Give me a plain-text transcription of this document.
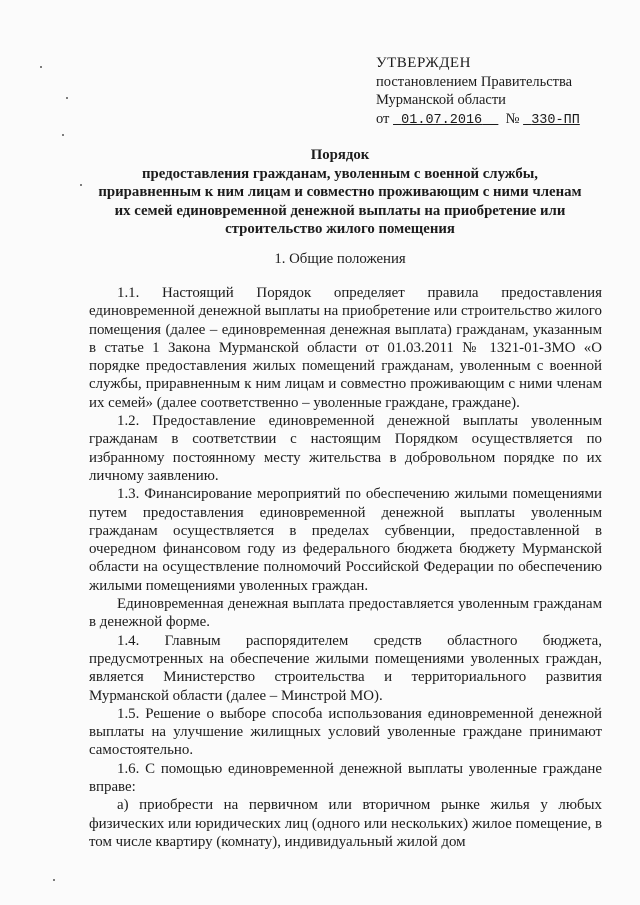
УТВЕРЖДЕН
постановлением Правительства
Мурманской области
от 01.07.2016 № 330-ПП
Порядок
предоставления гражданам, уволенным с военной службы,
приравненным к ним лицам и совместно проживающим с ними членам
их семей единовременной денежной выплаты на приобретение или
строительство жилого помещения
1. Общие положения

1.1. Настоящий Порядок определяет правила предоставления единовременной денежной выплаты на приобретение или строительство жилого помещения (далее – единовременная денежная выплата) гражданам, указанным в статье 1 Закона Мурманской области от 01.03.2011 № 1321-01-ЗМО «О порядке предоставления жилых помещений гражданам, уволенным с военной службы, приравненным к ним лицам и совместно проживающим с ними членам их семей» (далее соответственно – уволенные граждане, граждане).

1.2. Предоставление единовременной денежной выплаты уволенным гражданам в соответствии с настоящим Порядком осуществляется по избранному постоянному месту жительства в добровольном порядке по их личному заявлению.

1.3. Финансирование мероприятий по обеспечению жилыми помещениями путем предоставления единовременной денежной выплаты уволенным гражданам осуществляется в пределах субвенции, предоставленной в очередном финансовом году из федерального бюджета бюджету Мурманской области на осуществление полномочий Российской Федерации по обеспечению жилыми помещениями уволенных граждан.

Единовременная денежная выплата предоставляется уволенным гражданам в денежной форме.

1.4. Главным распорядителем средств областного бюджета, предусмотренных на обеспечение жилыми помещениями уволенных граждан, является Министерство строительства и территориального развития Мурманской области (далее – Минстрой МО).

1.5. Решение о выборе способа использования единовременной денежной выплаты на улучшение жилищных условий уволенные граждане принимают самостоятельно.

1.6. С помощью единовременной денежной выплаты уволенные граждане вправе:

а) приобрести на первичном или вторичном рынке жилья у любых физических или юридических лиц (одного или нескольких) жилое помещение, в том числе квартиру (комнату), индивидуальный жилой дом
